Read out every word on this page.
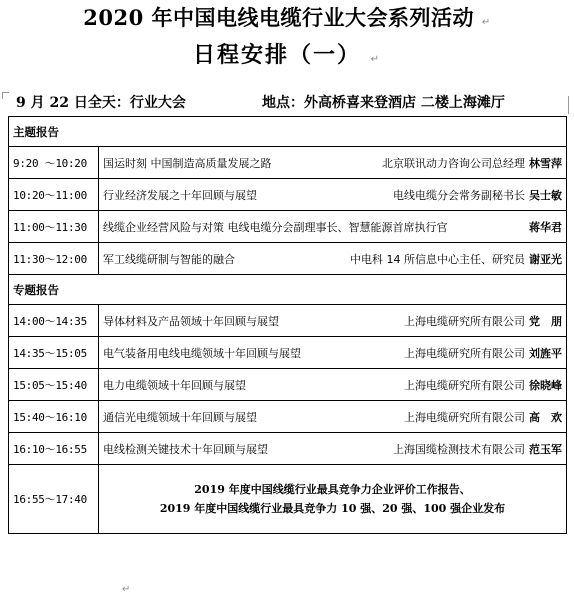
2020 年中国电线电缆行业大会系列活动 ↵
日程安排（一） ↵
9 月 22 日全天：行业大会	地点：外高桥喜来登酒店 二楼上海滩厅
主题报告	
9:20 ～10:20	国运时刻 中国制造高质量发展之路 北京联讯动力咨询公司总经理 林雪萍

10:20～11:00	行业经济发展之十年回顾与展望 电线电缆分会常务副秘书长 吴士敏

11:00～11:30	线缆企业经营风险与对策 电线电缆分会副理事长、智慧能源首席执行官 蒋华君

11:30～12:00	军工线缆研制与智能的融合 中电科 14 所信息中心主任、研究员 谢亚光

专题报告	
14:00～14:35	导体材料及产品领域十年回顾与展望 上海电缆研究所有限公司 党　朋

14:35～15:05	电气装备用电线电缆领域十年回顾与展望 上海电缆研究所有限公司 刘旌平

15:05～15:40	电力电缆领域十年回顾与展望 上海电缆研究所有限公司 徐晓峰

15:40～16:10	通信光电缆领域十年回顾与展望 上海电缆研究所有限公司 高　欢

16:10～16:55	电线检测关键技术十年回顾与展望 上海国缆检测技术有限公司 范玉军

16:55～17:40	2019 年度中国线缆行业最具竞争力企业评价工作报告、
2019 年度中国线缆行业最具竞争力 10 强、20 强、100 强企业发布
↵
